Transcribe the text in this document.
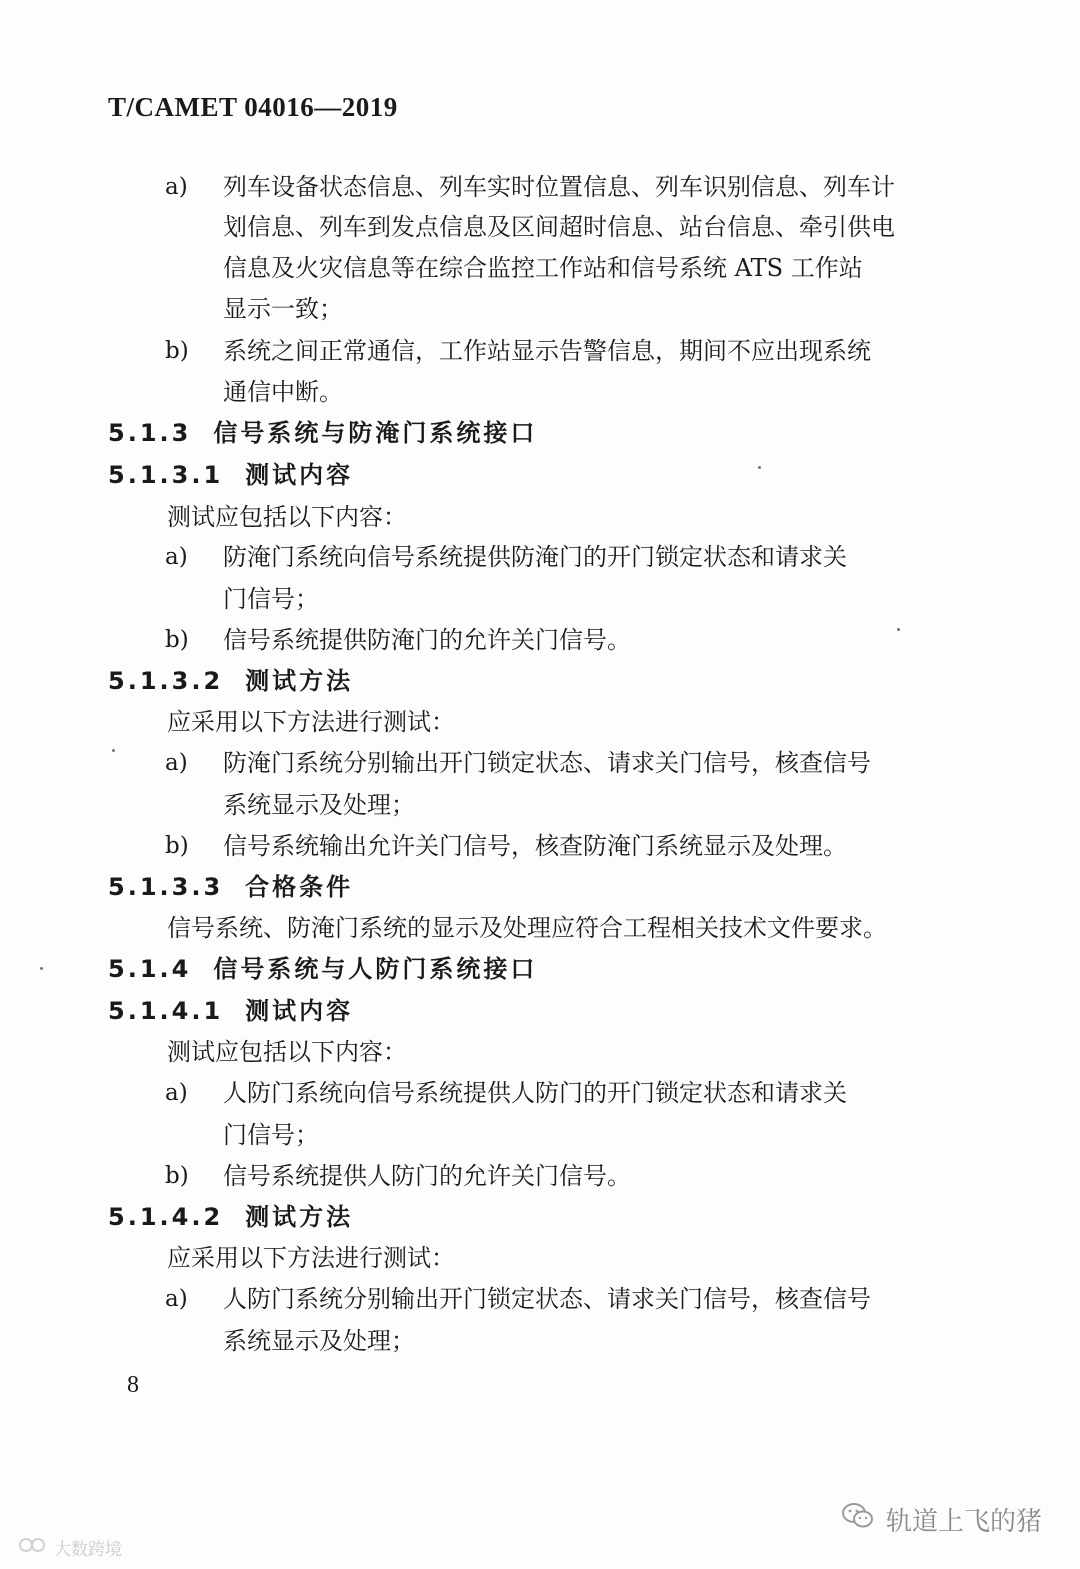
T/CAMET 04016—2019
a) 列车设备状态信息、列车实时位置信息、列车识别信息、列车计
划信息、列车到发点信息及区间超时信息、站台信息、牵引供电
信息及火灾信息等在综合监控工作站和信号系统 ATS 工作站
显示一致；
b) 系统之间正常通信，工作站显示告警信息，期间不应出现系统
通信中断。
5.1.3 信号系统与防淹门系统接口
5.1.3.1 测试内容
测试应包括以下内容：
a) 防淹门系统向信号系统提供防淹门的开门锁定状态和请求关
门信号；
b) 信号系统提供防淹门的允许关门信号。
5.1.3.2 测试方法
应采用以下方法进行测试：
a) 防淹门系统分别输出开门锁定状态、请求关门信号，核查信号
系统显示及处理；
b) 信号系统输出允许关门信号，核查防淹门系统显示及处理。
5.1.3.3 合格条件
信号系统、防淹门系统的显示及处理应符合工程相关技术文件要求。
5.1.4 信号系统与人防门系统接口
5.1.4.1 测试内容
测试应包括以下内容：
a) 人防门系统向信号系统提供人防门的开门锁定状态和请求关
门信号；
b) 信号系统提供人防门的允许关门信号。
5.1.4.2 测试方法
应采用以下方法进行测试：
a) 人防门系统分别输出开门锁定状态、请求关门信号，核查信号
系统显示及处理；
8
大数跨境
轨道上飞的猪
